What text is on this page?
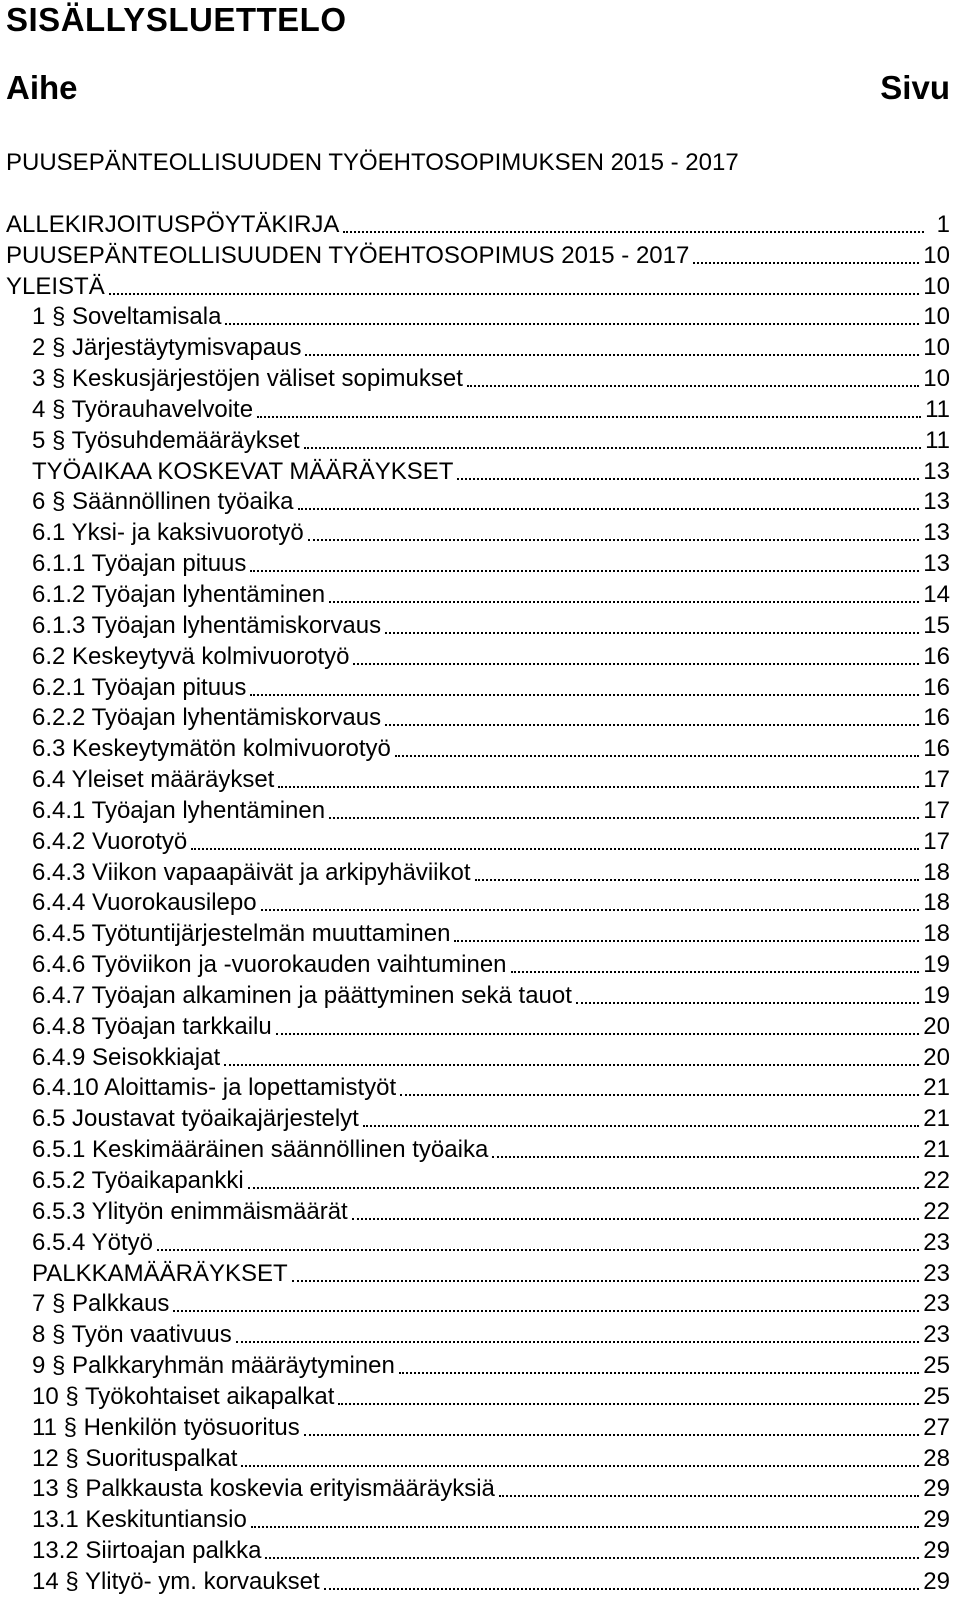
SISÄLLYSLUETTELO
Aihe	Sivu
PUUSEPÄNTEOLLISUUDEN TYÖEHTOSOPIMUKSEN 2015 - 2017
ALLEKIRJOITUSPÖYTÄKIRJA	1
PUUSEPÄNTEOLLISUUDEN TYÖEHTOSOPIMUS 2015 - 2017	10
YLEISTÄ	10
1 § Soveltamisala	10
2 § Järjestäytymisvapaus	10
3 § Keskusjärjestöjen väliset sopimukset	10
4 § Työrauhavelvoite	11
5 § Työsuhdemääräykset	11
TYÖAIKAA KOSKEVAT MÄÄRÄYKSET	13
6 § Säännöllinen työaika	13
6.1 Yksi- ja kaksivuorotyö	13
6.1.1 Työajan pituus	13
6.1.2 Työajan lyhentäminen	14
6.1.3 Työajan lyhentämiskorvaus	15
6.2 Keskeytyvä kolmivuorotyö	16
6.2.1 Työajan pituus	16
6.2.2 Työajan lyhentämiskorvaus	16
6.3 Keskeytymätön kolmivuorotyö	16
6.4 Yleiset määräykset	17
6.4.1 Työajan lyhentäminen	17
6.4.2 Vuorotyö	17
6.4.3 Viikon vapaapäivät ja arkipyhäviikot	18
6.4.4 Vuorokausilepo	18
6.4.5 Työtuntijärjestelmän muuttaminen	18
6.4.6 Työviikon ja -vuorokauden vaihtuminen	19
6.4.7 Työajan alkaminen ja päättyminen sekä tauot	19
6.4.8 Työajan tarkkailu	20
6.4.9 Seisokkiajat	20
6.4.10 Aloittamis- ja lopettamistyöt	21
6.5 Joustavat työaikajärjestelyt	21
6.5.1 Keskimääräinen säännöllinen työaika	21
6.5.2 Työaikapankki	22
6.5.3 Ylityön enimmäismäärät	22
6.5.4 Yötyö	23
PALKKAMÄÄRÄYKSET	23
7 § Palkkaus	23
8 § Työn vaativuus	23
9 § Palkkaryhmän määräytyminen	25
10 § Työkohtaiset aikapalkat	25
11 § Henkilön työsuoritus	27
12 § Suorituspalkat	28
13 § Palkkausta koskevia erityismääräyksiä	29
13.1 Keskituntiansio	29
13.2 Siirtoajan palkka	29
14 § Ylityö- ym. korvaukset	29
